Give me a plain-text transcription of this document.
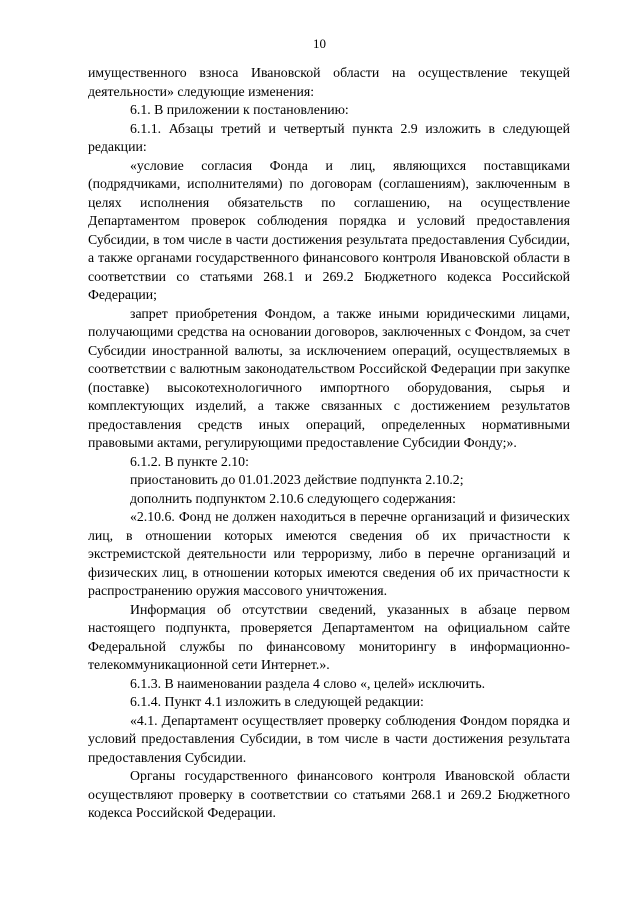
10

имущественного взноса Ивановской области на осуществление текущей деятельности» следующие изменения:

6.1. В приложении к постановлению:

6.1.1. Абзацы третий и четвертый пункта 2.9 изложить в следующей редакции:

«условие согласия Фонда и лиц, являющихся поставщиками (подрядчиками, исполнителями) по договорам (соглашениям), заключенным в целях исполнения обязательств по соглашению, на осуществление Департаментом проверок соблюдения порядка и условий предоставления Субсидии, в том числе в части достижения результата предоставления Субсидии, а также органами государственного финансового контроля Ивановской области в соответствии со статьями 268.1 и 269.2 Бюджетного кодекса Российской Федерации;

запрет приобретения Фондом, а также иными юридическими лицами, получающими средства на основании договоров, заключенных с Фондом, за счет Субсидии иностранной валюты, за исключением операций, осуществляемых в соответствии с валютным законодательством Российской Федерации при закупке (поставке) высокотехнологичного импортного оборудования, сырья и комплектующих изделий, а также связанных с достижением результатов предоставления средств иных операций, определенных нормативными правовыми актами, регулирующими предоставление Субсидии Фонду;».

6.1.2. В пункте 2.10:

приостановить до 01.01.2023 действие подпункта 2.10.2;

дополнить подпунктом 2.10.6 следующего содержания:

«2.10.6. Фонд не должен находиться в перечне организаций и физических лиц, в отношении которых имеются сведения об их причастности к экстремистской деятельности или терроризму, либо в перечне организаций и физических лиц, в отношении которых имеются сведения об их причастности к распространению оружия массового уничтожения.

Информация об отсутствии сведений, указанных в абзаце первом настоящего подпункта, проверяется Департаментом на официальном сайте Федеральной службы по финансовому мониторингу в информационно-телекоммуникационной сети Интернет.».

6.1.3. В наименовании раздела 4 слово «, целей» исключить.

6.1.4. Пункт 4.1 изложить в следующей редакции:

«4.1. Департамент осуществляет проверку соблюдения Фондом порядка и условий предоставления Субсидии, в том числе в части достижения результата предоставления Субсидии.

Органы государственного финансового контроля Ивановской области осуществляют проверку в соответствии со статьями 268.1 и 269.2 Бюджетного кодекса Российской Федерации.
